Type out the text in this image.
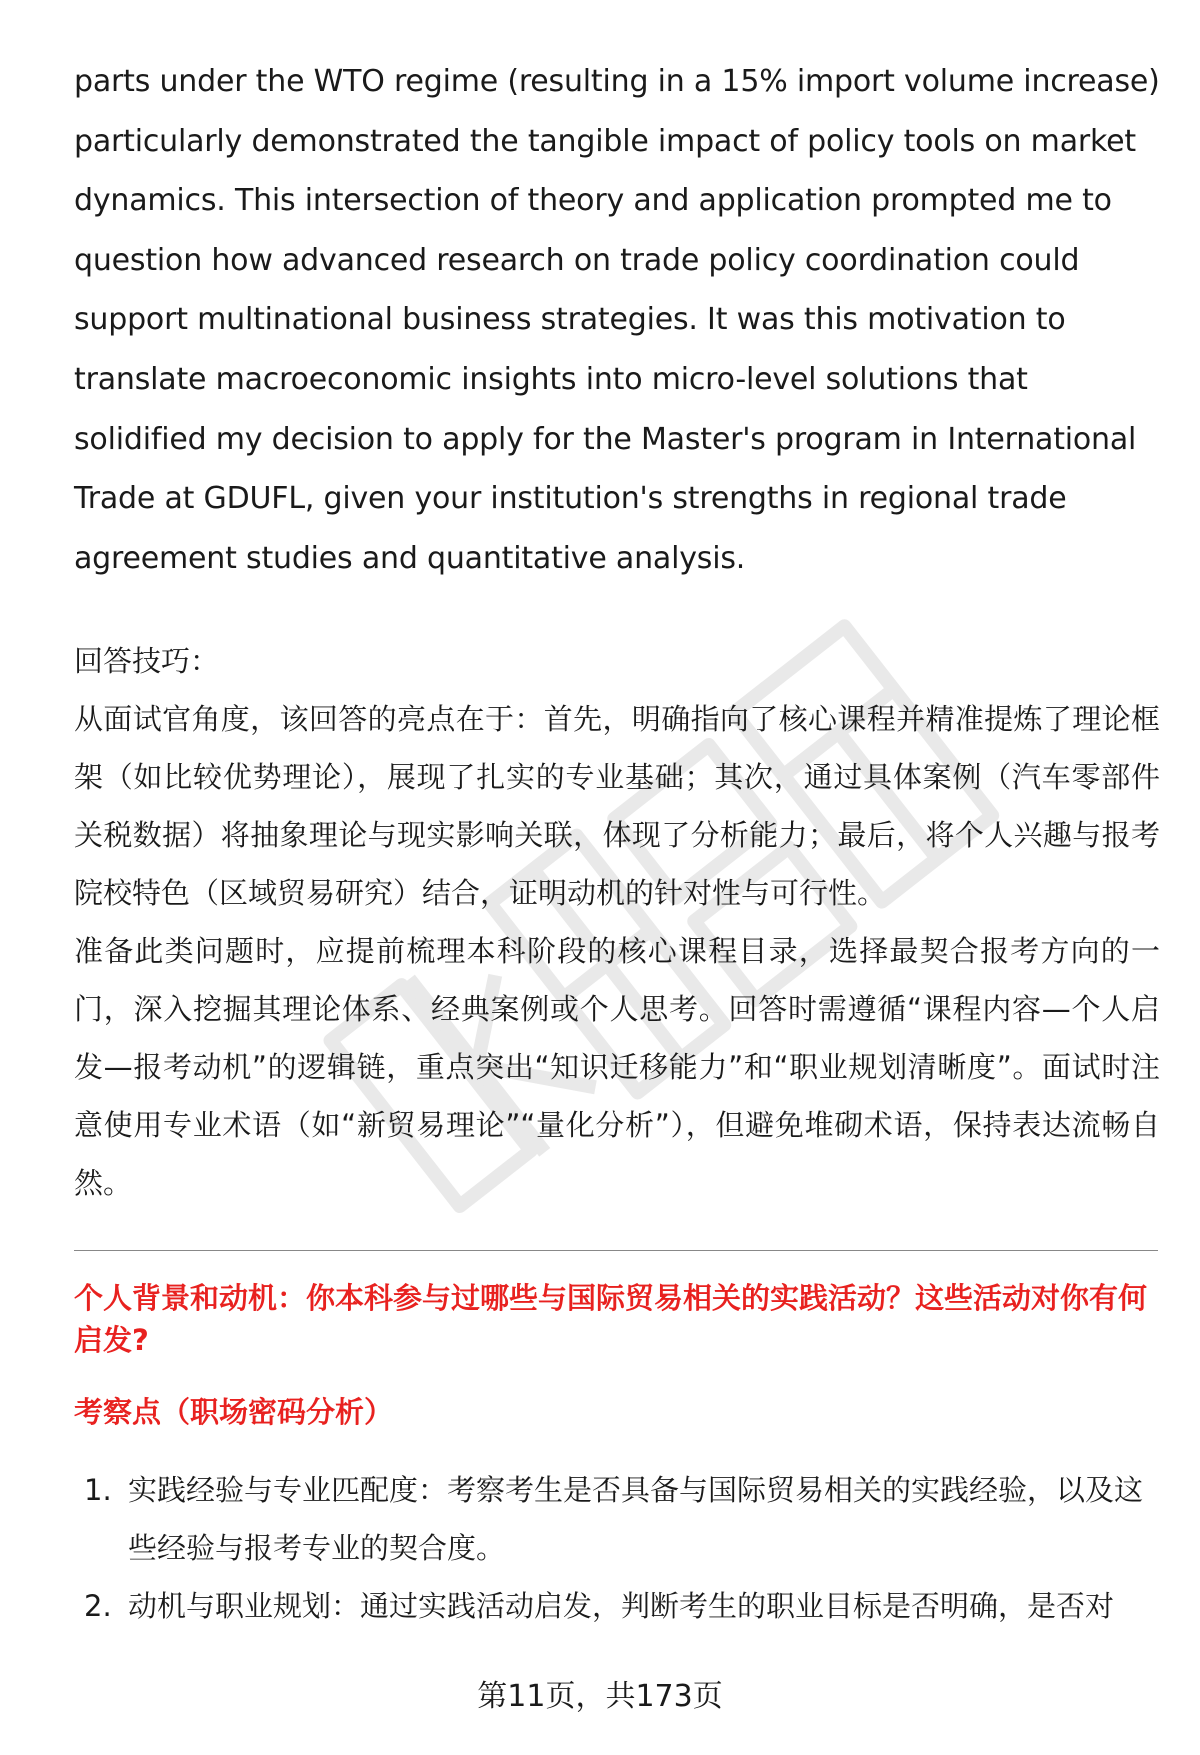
parts under the WTO regime (resulting in a 15% import volume increase) particularly demonstrated the tangible impact of policy tools on market dynamics. This intersection of theory and application prompted me to question how advanced research on trade policy coordination could support multinational business strategies. It was this motivation to translate macroeconomic insights into micro-level solutions that solidified my decision to apply for the Master's program in International Trade at GDUFL, given your institution's strengths in regional trade agreement studies and quantitative analysis.

回答技巧：

从面试官角度，该回答的亮点在于：首先，明确指向了核心课程并精准提炼了理论框架（如比较优势理论），展现了扎实的专业基础；其次，通过具体案例（汽车零部件关税数据）将抽象理论与现实影响关联，体现了分析能力；最后，将个人兴趣与报考院校特色（区域贸易研究）结合，证明动机的针对性与可行性。

准备此类问题时，应提前梳理本科阶段的核心课程目录，选择最契合报考方向的一门，深入挖掘其理论体系、经典案例或个人思考。回答时需遵循“课程内容—个人启发—报考动机”的逻辑链，重点突出“知识迁移能力”和“职业规划清晰度”。面试时注意使用专业术语（如“新贸易理论”“量化分析”），但避免堆砌术语，保持表达流畅自然。

个人背景和动机：你本科参与过哪些与国际贸易相关的实践活动？这些活动对你有何启发?

考察点（职场密码分析）

1. 实践经验与专业匹配度：考察考生是否具备与国际贸易相关的实践经验，以及这些经验与报考专业的契合度。
2. 动机与职业规划：通过实践活动启发，判断考生的职业目标是否明确，是否对
第11页，共173页
